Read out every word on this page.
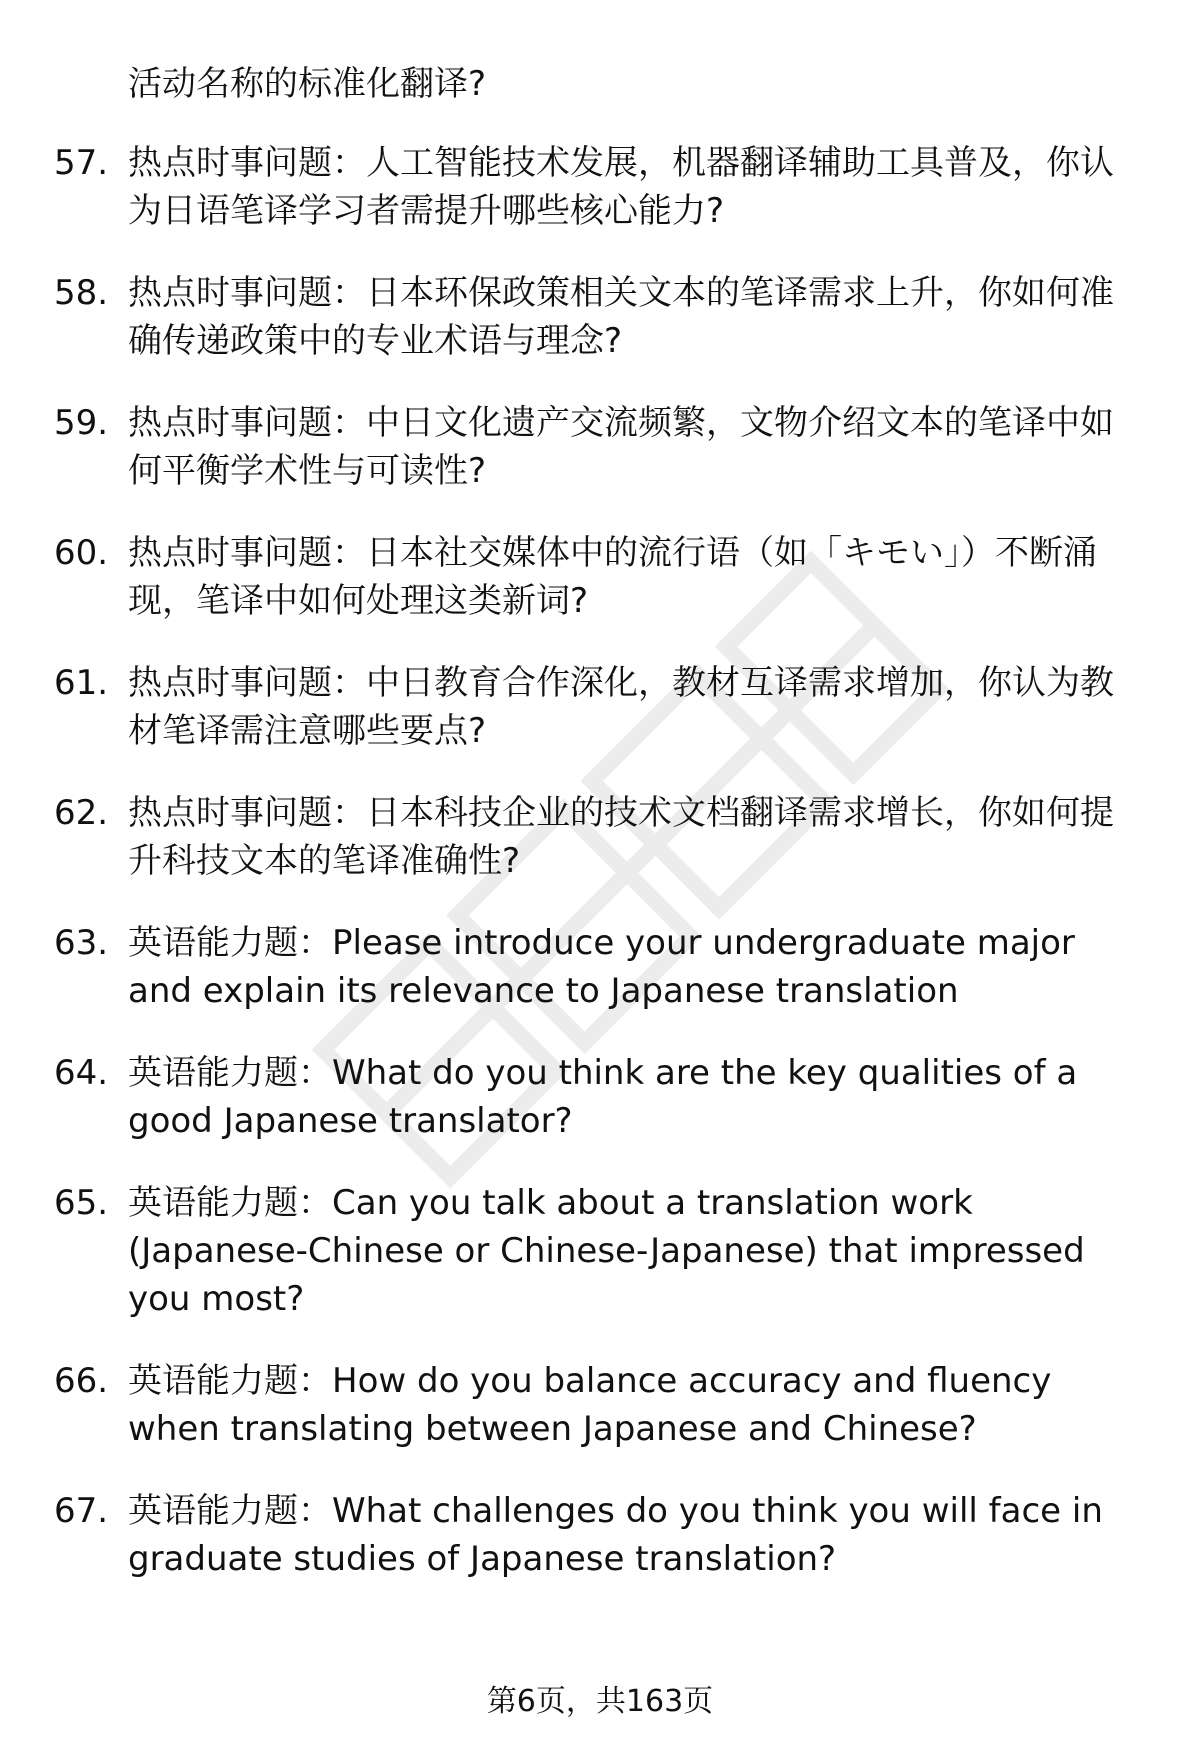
活动名称的标准化翻译?

57. 热点时事问题：人工智能技术发展，机器翻译辅助工具普及，你认为日语笔译学习者需提升哪些核心能力?
58. 热点时事问题：日本环保政策相关文本的笔译需求上升，你如何准确传递政策中的专业术语与理念?
59. 热点时事问题：中日文化遗产交流频繁，文物介绍文本的笔译中如何平衡学术性与可读性?
60. 热点时事问题：日本社交媒体中的流行语（如「キモい」）不断涌现，笔译中如何处理这类新词?
61. 热点时事问题：中日教育合作深化，教材互译需求增加，你认为教材笔译需注意哪些要点?
62. 热点时事问题：日本科技企业的技术文档翻译需求增长，你如何提升科技文本的笔译准确性?
63. 英语能力题：Please introduce your undergraduate major and explain its relevance to Japanese translation
64. 英语能力题：What do you think are the key qualities of a good Japanese translator?
65. 英语能力题：Can you talk about a translation work (Japanese-Chinese or Chinese-Japanese) that impressed you most?
66. 英语能力题：How do you balance accuracy and fluency when translating between Japanese and Chinese?
67. 英语能力题：What challenges do you think you will face in graduate studies of Japanese translation?

第6页，共163页
